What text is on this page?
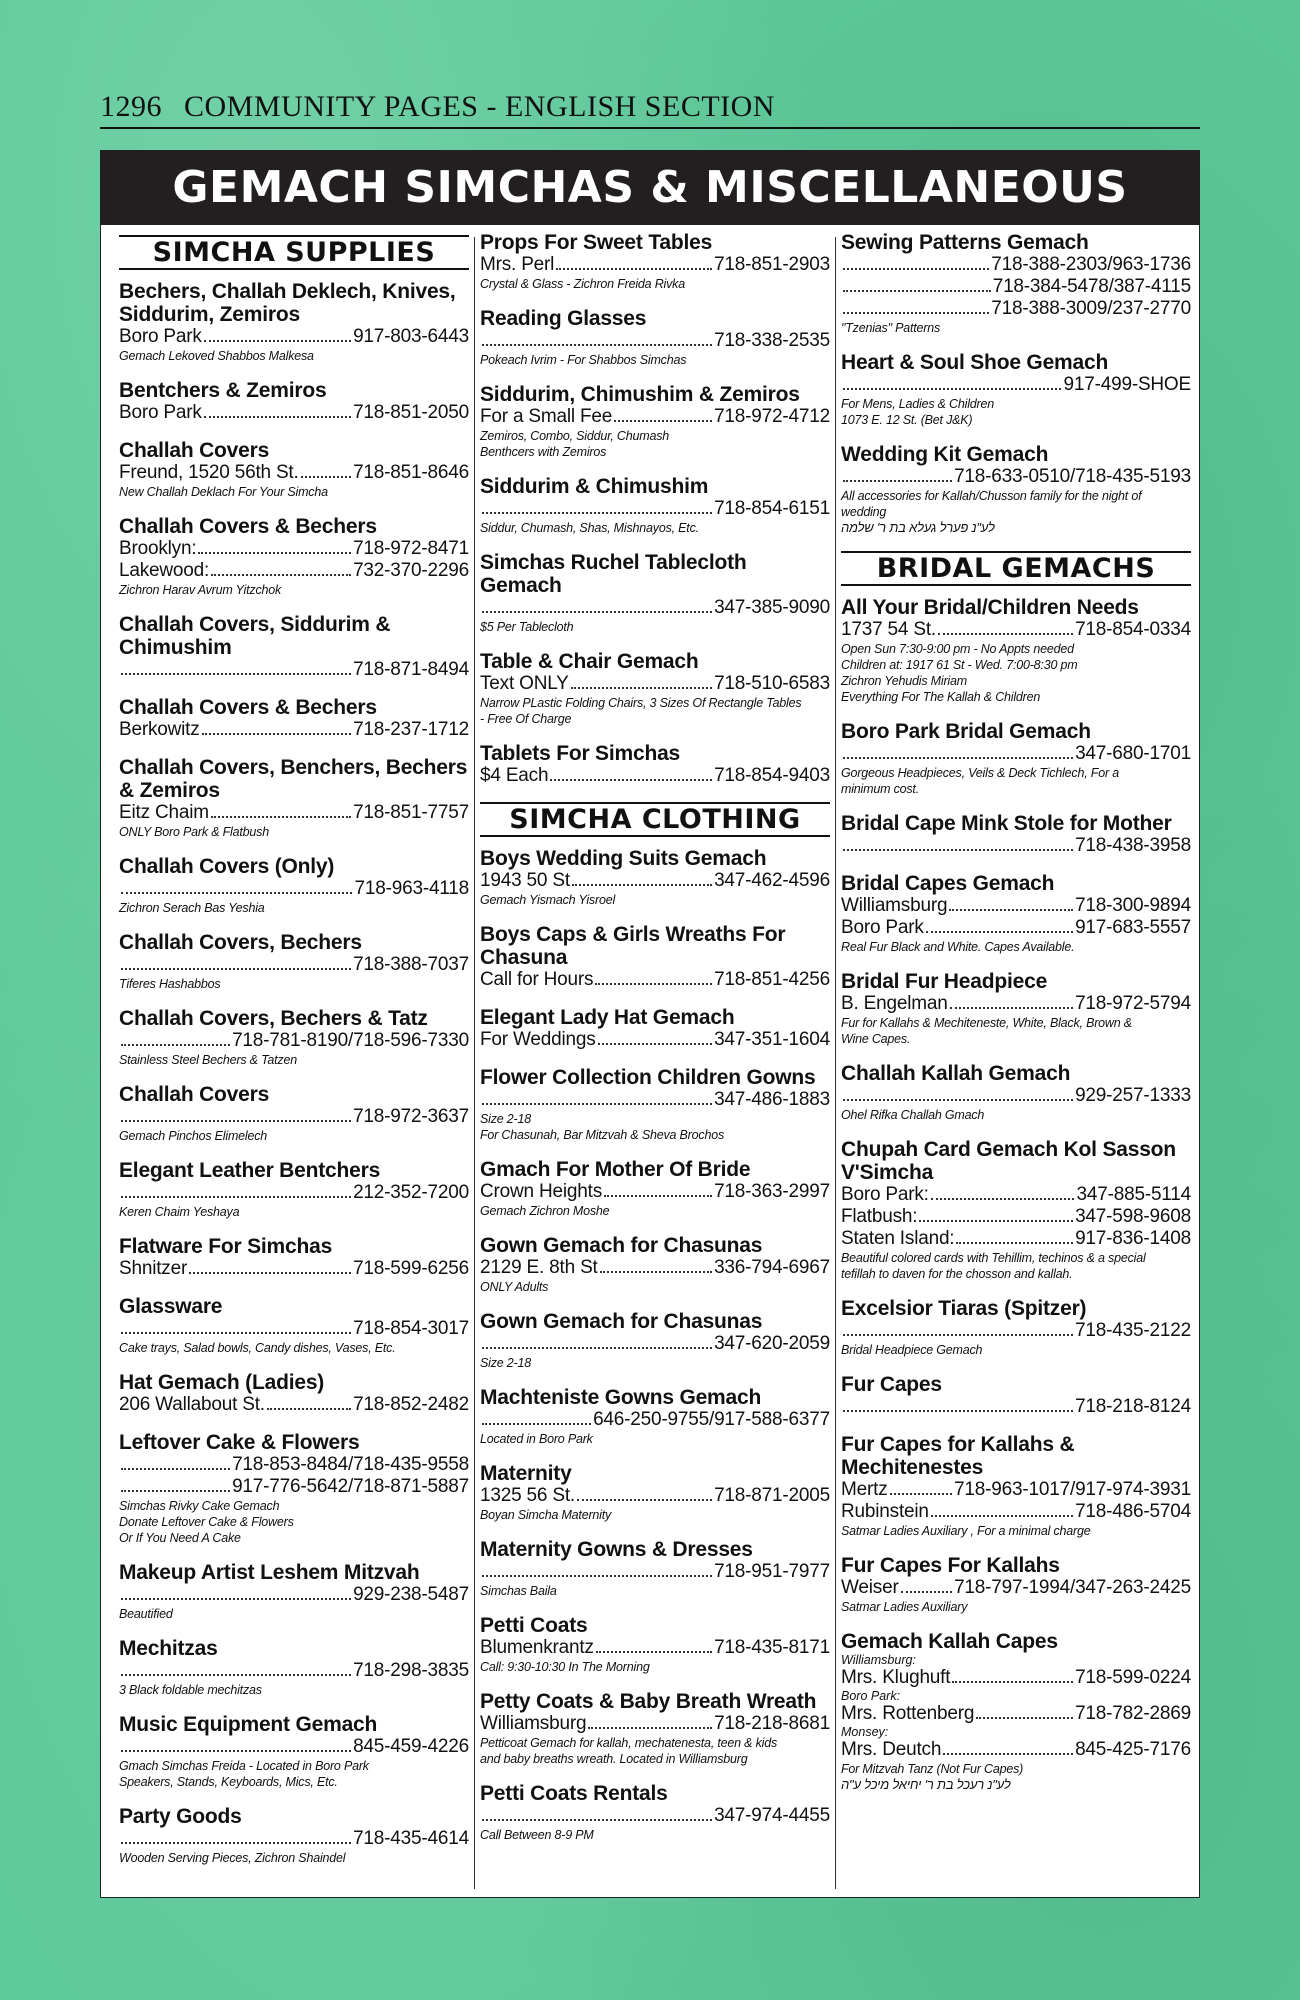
1296 COMMUNITY PAGES - ENGLISH SECTION
GEMACH SIMCHAS & MISCELLANEOUS
SIMCHA SUPPLIES
Bechers, Challah Deklech, Knives, Siddurim, Zemiros
Boro Park	917-803-6443
Gemach Lekoved Shabbos Malkesa
Bentchers & Zemiros
Boro Park	718-851-2050
Challah Covers
Freund, 1520 56th St.	718-851-8646
New Challah Deklach For Your Simcha
Challah Covers & Bechers
Brooklyn:	718-972-8471
Lakewood:	732-370-2296
Zichron Harav Avrum Yitzchok
Challah Covers, Siddurim & Chimushim
718-871-8494
Challah Covers & Bechers
Berkowitz	718-237-1712
Challah Covers, Benchers, Bechers & Zemiros
Eitz Chaim	718-851-7757
ONLY Boro Park & Flatbush
Challah Covers (Only)
718-963-4118
Zichron Serach Bas Yeshia
Challah Covers, Bechers
718-388-7037
Tiferes Hashabbos
Challah Covers, Bechers & Tatz
718-781-8190/718-596-7330
Stainless Steel Bechers & Tatzen
Challah Covers
718-972-3637
Gemach Pinchos Elimelech
Elegant Leather Bentchers
212-352-7200
Keren Chaim Yeshaya
Flatware For Simchas
Shnitzer	718-599-6256
Glassware
718-854-3017
Cake trays, Salad bowls, Candy dishes, Vases, Etc.
Hat Gemach (Ladies)
206 Wallabout St.	718-852-2482
Leftover Cake & Flowers
718-853-8484/718-435-9558
917-776-5642/718-871-5887
Simchas Rivky Cake Gemach
Donate Leftover Cake & Flowers
Or If You Need A Cake
Makeup Artist Leshem Mitzvah
929-238-5487
Beautified
Mechitzas
718-298-3835
3 Black foldable mechitzas
Music Equipment Gemach
845-459-4226
Gmach Simchas Freida - Located in Boro Park
Speakers, Stands, Keyboards, Mics, Etc.
Party Goods
718-435-4614
Wooden Serving Pieces, Zichron Shaindel
Props For Sweet Tables
Mrs. Perl	718-851-2903
Crystal & Glass - Zichron Freida Rivka
Reading Glasses
718-338-2535
Pokeach Ivrim - For Shabbos Simchas
Siddurim, Chimushim & Zemiros
For a Small Fee	718-972-4712
Zemiros, Combo, Siddur, Chumash
Benthcers with Zemiros
Siddurim & Chimushim
718-854-6151
Siddur, Chumash, Shas, Mishnayos, Etc.
Simchas Ruchel Tablecloth Gemach
347-385-9090
$5 Per Tablecloth
Table & Chair Gemach
Text ONLY	718-510-6583
Narrow PLastic Folding Chairs, 3 Sizes Of Rectangle Tables
- Free Of Charge
Tablets For Simchas
$4 Each	718-854-9403
SIMCHA CLOTHING
Boys Wedding Suits Gemach
1943 50 St	347-462-4596
Gemach Yismach Yisroel
Boys Caps & Girls Wreaths For Chasuna
Call for Hours	718-851-4256
Elegant Lady Hat Gemach
For Weddings	347-351-1604
Flower Collection Children Gowns
347-486-1883
Size 2-18
For Chasunah, Bar Mitzvah & Sheva Brochos
Gmach For Mother Of Bride
Crown Heights	718-363-2997
Gemach Zichron Moshe
Gown Gemach for Chasunas
2129 E. 8th St	336-794-6967
ONLY Adults
Gown Gemach for Chasunas
347-620-2059
Size 2-18
Machteniste Gowns Gemach
646-250-9755/917-588-6377
Located in Boro Park
Maternity
1325 56 St.	718-871-2005
Boyan Simcha Maternity
Maternity Gowns & Dresses
718-951-7977
Simchas Baila
Petti Coats
Blumenkrantz	718-435-8171
Call: 9:30-10:30 In The Morning
Petty Coats & Baby Breath Wreath
Williamsburg	718-218-8681
Petticoat Gemach for kallah, mechatenesta, teen & kids
and baby breaths wreath. Located in Williamsburg
Petti Coats Rentals
347-974-4455
Call Between 8-9 PM
Sewing Patterns Gemach
718-388-2303/963-1736
718-384-5478/387-4115
718-388-3009/237-2770
"Tzenias" Patterns
Heart & Soul Shoe Gemach
917-499-SHOE
For Mens, Ladies & Children
1073 E. 12 St. (Bet J&K)
Wedding Kit Gemach
718-633-0510/718-435-5193
All accessories for Kallah/Chusson family for the night of
wedding
לע"נ פערל געלא בת ר' שלמה
BRIDAL GEMACHS
All Your Bridal/Children Needs
1737 54 St.	718-854-0334
Open Sun 7:30-9:00 pm - No Appts needed
Children at: 1917 61 St - Wed. 7:00-8:30 pm
Zichron Yehudis Miriam
Everything For The Kallah & Children
Boro Park Bridal Gemach
347-680-1701
Gorgeous Headpieces, Veils & Deck Tichlech, For a
minimum cost.
Bridal Cape Mink Stole for Mother
718-438-3958
Bridal Capes Gemach
Williamsburg	718-300-9894
Boro Park	917-683-5557
Real Fur Black and White. Capes Available.
Bridal Fur Headpiece
B. Engelman	718-972-5794
Fur for Kallahs & Mechiteneste, White, Black, Brown &
Wine Capes.
Challah Kallah Gemach
929-257-1333
Ohel Rifka Challah Gmach
Chupah Card Gemach Kol Sasson V'Simcha
Boro Park:	347-885-5114
Flatbush:	347-598-9608
Staten Island:	917-836-1408
Beautiful colored cards with Tehillim, techinos & a special
tefillah to daven for the chosson and kallah.
Excelsior Tiaras (Spitzer)
718-435-2122
Bridal Headpiece Gemach
Fur Capes
718-218-8124
Fur Capes for Kallahs & Mechitenestes
Mertz	718-963-1017/917-974-3931
Rubinstein	718-486-5704
Satmar Ladies Auxiliary , For a minimal charge
Fur Capes For Kallahs
Weiser	718-797-1994/347-263-2425
Satmar Ladies Auxiliary
Gemach Kallah Capes
Williamsburg:
Mrs. Klughuft	718-599-0224
Boro Park:
Mrs. Rottenberg	718-782-2869
Monsey:
Mrs. Deutch	845-425-7176
For Mitzvah Tanz (Not Fur Capes)
לע"נ רעכל בת ר' יחיאל מיכל ע"ה
